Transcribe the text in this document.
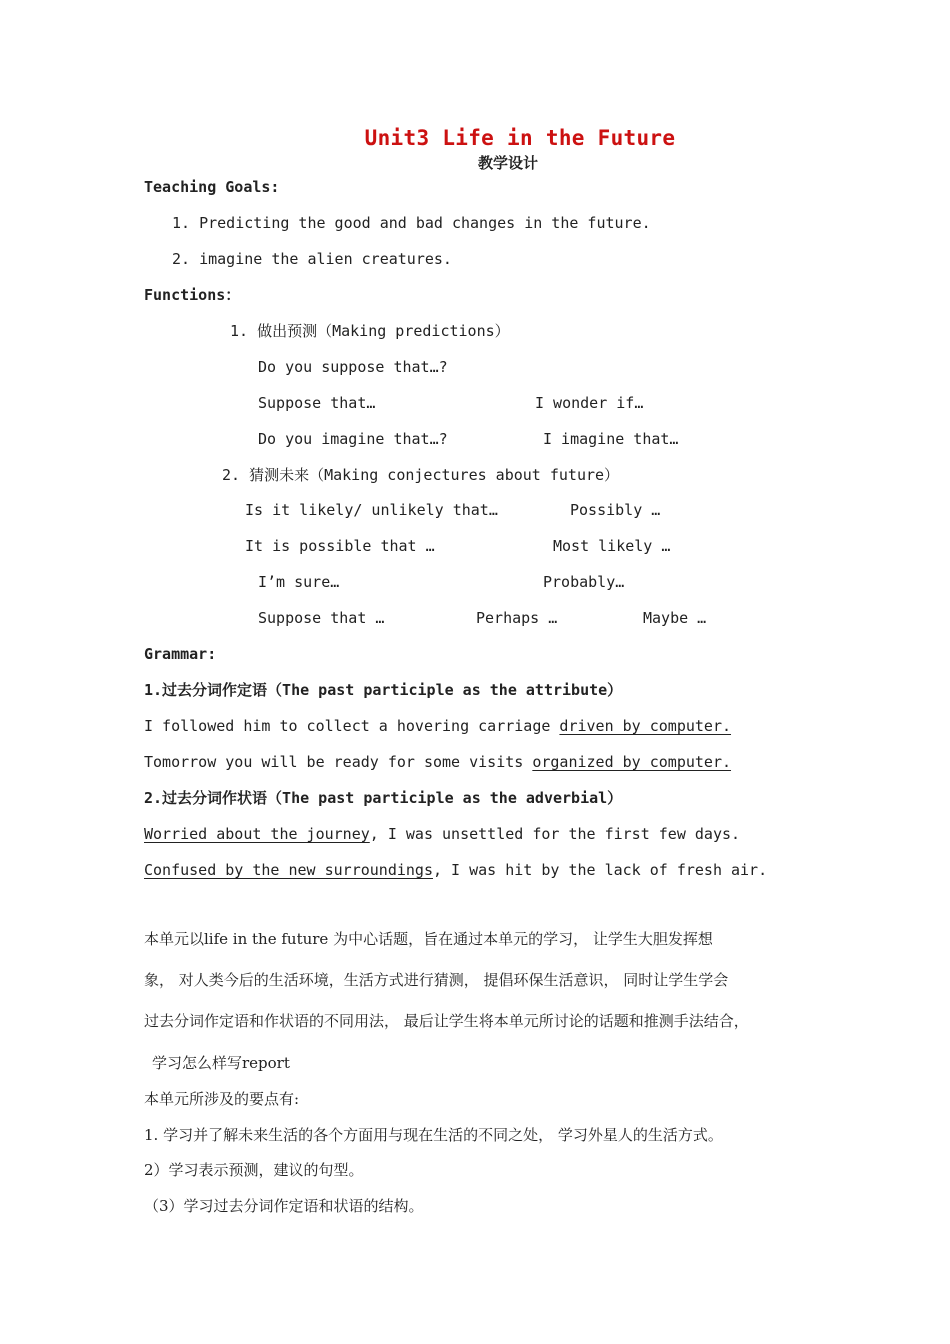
Unit3 Life in the Future
教学设计
Teaching Goals:
1. Predicting the good and bad changes in the future.
2. imagine the alien creatures.
Functions：
1. 做出预测（Making predictions）
Do you suppose that…?
Suppose that…	I wonder if…
Do you imagine that…?	I imagine that…
2. 猜测未来（Making conjectures about future）
Is it likely/ unlikely that…	Possibly …
It is possible that …	Most likely …
I’m sure…	Probably…
Suppose that …	Perhaps …	Maybe …
Grammar:
1.过去分词作定语（The past participle as the attribute）
I followed him to collect a hovering carriage driven by computer.
Tomorrow you will be ready for some visits organized by computer.
2.过去分词作状语（The past participle as the adverbial）
Worried about the journey, I was unsettled for the first few days.
Confused by the new surroundings, I was hit by the lack of fresh air.
本单元以life in the future 为中心话题，旨在通过本单元的学习， 让学生大胆发挥想
象， 对人类今后的生活环境，生活方式进行猜测， 提倡环保生活意识， 同时让学生学会
过去分词作定语和作状语的不同用法， 最后让学生将本单元所讨论的话题和推测手法结合，
学习怎么样写report
本单元所涉及的要点有:
1. 学习并了解未来生活的各个方面用与现在生活的不同之处， 学习外星人的生活方式。
2）学习表示预测，建议的句型。
（3）学习过去分词作定语和状语的结构。
